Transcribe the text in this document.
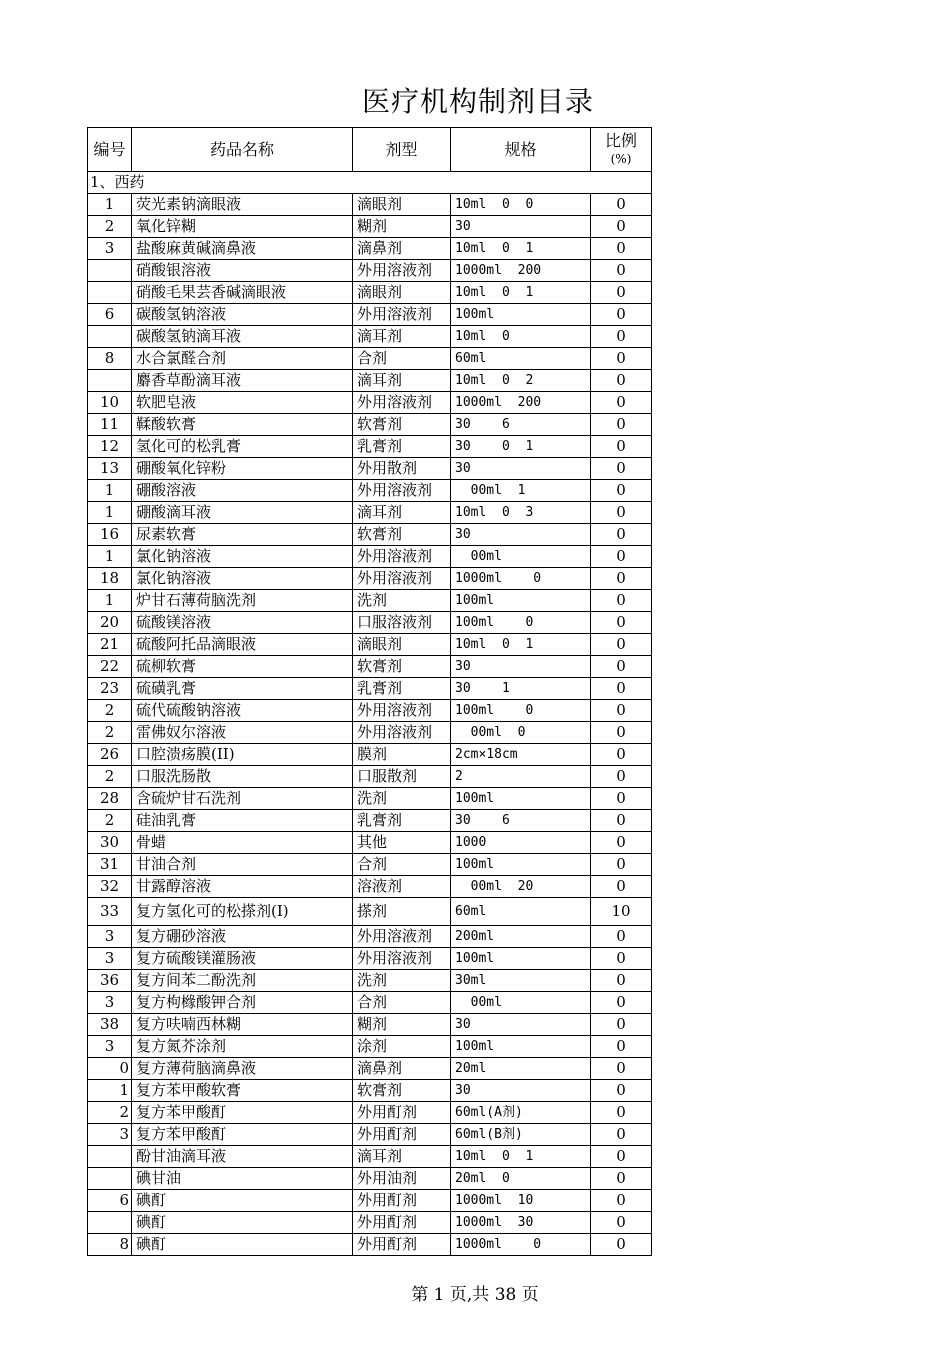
医疗机构制剂目录
编号	药品名称	剂型	规格	比例
(%)

1、西药				
1	荧光素钠滴眼液	滴眼剂	10ml  0  0	0
2	氧化锌糊	糊剂	30	0
3	盐酸麻黄碱滴鼻液	滴鼻剂	10ml  0  1	0
	硝酸银溶液	外用溶液剂	1000ml  200	0
	硝酸毛果芸香碱滴眼液	滴眼剂	10ml  0  1	0
6	碳酸氢钠溶液	外用溶液剂	100ml	0
	碳酸氢钠滴耳液	滴耳剂	10ml  0	0
8	水合氯醛合剂	合剂	60ml	0
	麝香草酚滴耳液	滴耳剂	10ml  0  2	0
10	软肥皂液	外用溶液剂	1000ml  200	0
11	鞣酸软膏	软膏剂	30    6	0
12	氢化可的松乳膏	乳膏剂	30    0  1	0
13	硼酸氧化锌粉	外用散剂	30	0
1	硼酸溶液	外用溶液剂	00ml  1	0
1	硼酸滴耳液	滴耳剂	10ml  0  3	0
16	尿素软膏	软膏剂	30	0
1	氯化钠溶液	外用溶液剂	00ml	0
18	氯化钠溶液	外用溶液剂	1000ml    0	0
1	炉甘石薄荷脑洗剂	洗剂	100ml	0
20	硫酸镁溶液	口服溶液剂	100ml    0	0
21	硫酸阿托品滴眼液	滴眼剂	10ml  0  1	0
22	硫柳软膏	软膏剂	30	0
23	硫磺乳膏	乳膏剂	30    1	0
2	硫代硫酸钠溶液	外用溶液剂	100ml    0	0
2	雷佛奴尔溶液	外用溶液剂	00ml  0	0
26	口腔溃疡膜(II)	膜剂	2cm×18cm	0
2	口服洗肠散	口服散剂	2	0
28	含硫炉甘石洗剂	洗剂	100ml	0
2	硅油乳膏	乳膏剂	30    6	0
30	骨蜡	其他	1000	0
31	甘油合剂	合剂	100ml	0
32	甘露醇溶液	溶液剂	00ml  20	0
33	复方氢化可的松搽剂(I)	搽剂	60ml	10
3	复方硼砂溶液	外用溶液剂	200ml	0
3	复方硫酸镁灌肠液	外用溶液剂	100ml	0
36	复方间苯二酚洗剂	洗剂	30ml	0
3	复方枸橼酸钾合剂	合剂	00ml	0
38	复方呋喃西林糊	糊剂	30	0
3	复方氮芥涂剂	涂剂	100ml	0
0	复方薄荷脑滴鼻液	滴鼻剂	20ml	0
1	复方苯甲酸软膏	软膏剂	30	0
2	复方苯甲酸酊	外用酊剂	60ml(A剂)	0
3	复方苯甲酸酊	外用酊剂	60ml(B剂)	0
	酚甘油滴耳液	滴耳剂	10ml  0  1	0
	碘甘油	外用油剂	20ml  0	0
6	碘酊	外用酊剂	1000ml  10	0
	碘酊	外用酊剂	1000ml  30	0
8	碘酊	外用酊剂	1000ml    0	0
第 1 页,共 38 页
